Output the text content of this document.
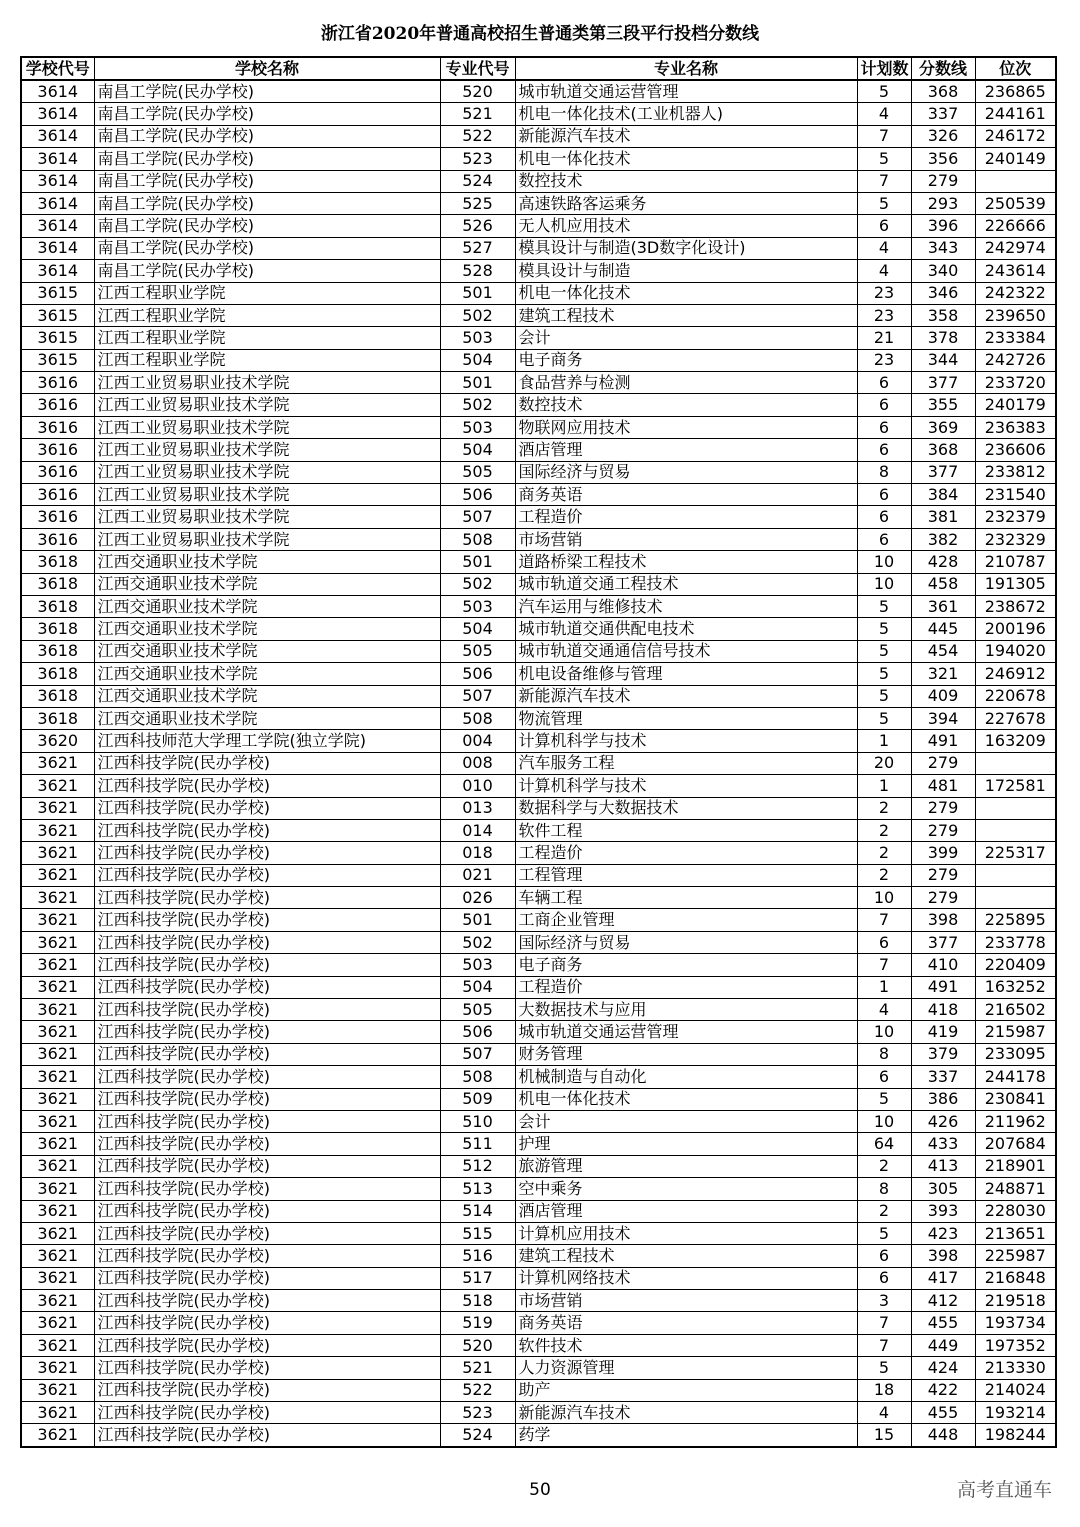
浙江省2020年普通高校招生普通类第三段平行投档分数线
学校代号	学校名称	专业代号	专业名称	计划数	分数线	位次
3614	南昌工学院(民办学校)	520	城市轨道交通运营管理	5	368	236865
3614	南昌工学院(民办学校)	521	机电一体化技术(工业机器人)	4	337	244161
3614	南昌工学院(民办学校)	522	新能源汽车技术	7	326	246172
3614	南昌工学院(民办学校)	523	机电一体化技术	5	356	240149
3614	南昌工学院(民办学校)	524	数控技术	7	279	
3614	南昌工学院(民办学校)	525	高速铁路客运乘务	5	293	250539
3614	南昌工学院(民办学校)	526	无人机应用技术	6	396	226666
3614	南昌工学院(民办学校)	527	模具设计与制造(3D数字化设计)	4	343	242974
3614	南昌工学院(民办学校)	528	模具设计与制造	4	340	243614
3615	江西工程职业学院	501	机电一体化技术	23	346	242322
3615	江西工程职业学院	502	建筑工程技术	23	358	239650
3615	江西工程职业学院	503	会计	21	378	233384
3615	江西工程职业学院	504	电子商务	23	344	242726
3616	江西工业贸易职业技术学院	501	食品营养与检测	6	377	233720
3616	江西工业贸易职业技术学院	502	数控技术	6	355	240179
3616	江西工业贸易职业技术学院	503	物联网应用技术	6	369	236383
3616	江西工业贸易职业技术学院	504	酒店管理	6	368	236606
3616	江西工业贸易职业技术学院	505	国际经济与贸易	8	377	233812
3616	江西工业贸易职业技术学院	506	商务英语	6	384	231540
3616	江西工业贸易职业技术学院	507	工程造价	6	381	232379
3616	江西工业贸易职业技术学院	508	市场营销	6	382	232329
3618	江西交通职业技术学院	501	道路桥梁工程技术	10	428	210787
3618	江西交通职业技术学院	502	城市轨道交通工程技术	10	458	191305
3618	江西交通职业技术学院	503	汽车运用与维修技术	5	361	238672
3618	江西交通职业技术学院	504	城市轨道交通供配电技术	5	445	200196
3618	江西交通职业技术学院	505	城市轨道交通通信信号技术	5	454	194020
3618	江西交通职业技术学院	506	机电设备维修与管理	5	321	246912
3618	江西交通职业技术学院	507	新能源汽车技术	5	409	220678
3618	江西交通职业技术学院	508	物流管理	5	394	227678
3620	江西科技师范大学理工学院(独立学院)	004	计算机科学与技术	1	491	163209
3621	江西科技学院(民办学校)	008	汽车服务工程	20	279	
3621	江西科技学院(民办学校)	010	计算机科学与技术	1	481	172581
3621	江西科技学院(民办学校)	013	数据科学与大数据技术	2	279	
3621	江西科技学院(民办学校)	014	软件工程	2	279	
3621	江西科技学院(民办学校)	018	工程造价	2	399	225317
3621	江西科技学院(民办学校)	021	工程管理	2	279	
3621	江西科技学院(民办学校)	026	车辆工程	10	279	
3621	江西科技学院(民办学校)	501	工商企业管理	7	398	225895
3621	江西科技学院(民办学校)	502	国际经济与贸易	6	377	233778
3621	江西科技学院(民办学校)	503	电子商务	7	410	220409
3621	江西科技学院(民办学校)	504	工程造价	1	491	163252
3621	江西科技学院(民办学校)	505	大数据技术与应用	4	418	216502
3621	江西科技学院(民办学校)	506	城市轨道交通运营管理	10	419	215987
3621	江西科技学院(民办学校)	507	财务管理	8	379	233095
3621	江西科技学院(民办学校)	508	机械制造与自动化	6	337	244178
3621	江西科技学院(民办学校)	509	机电一体化技术	5	386	230841
3621	江西科技学院(民办学校)	510	会计	10	426	211962
3621	江西科技学院(民办学校)	511	护理	64	433	207684
3621	江西科技学院(民办学校)	512	旅游管理	2	413	218901
3621	江西科技学院(民办学校)	513	空中乘务	8	305	248871
3621	江西科技学院(民办学校)	514	酒店管理	2	393	228030
3621	江西科技学院(民办学校)	515	计算机应用技术	5	423	213651
3621	江西科技学院(民办学校)	516	建筑工程技术	6	398	225987
3621	江西科技学院(民办学校)	517	计算机网络技术	6	417	216848
3621	江西科技学院(民办学校)	518	市场营销	3	412	219518
3621	江西科技学院(民办学校)	519	商务英语	7	455	193734
3621	江西科技学院(民办学校)	520	软件技术	7	449	197352
3621	江西科技学院(民办学校)	521	人力资源管理	5	424	213330
3621	江西科技学院(民办学校)	522	助产	18	422	214024
3621	江西科技学院(民办学校)	523	新能源汽车技术	4	455	193214
3621	江西科技学院(民办学校)	524	药学	15	448	198244
50	高考直通车
